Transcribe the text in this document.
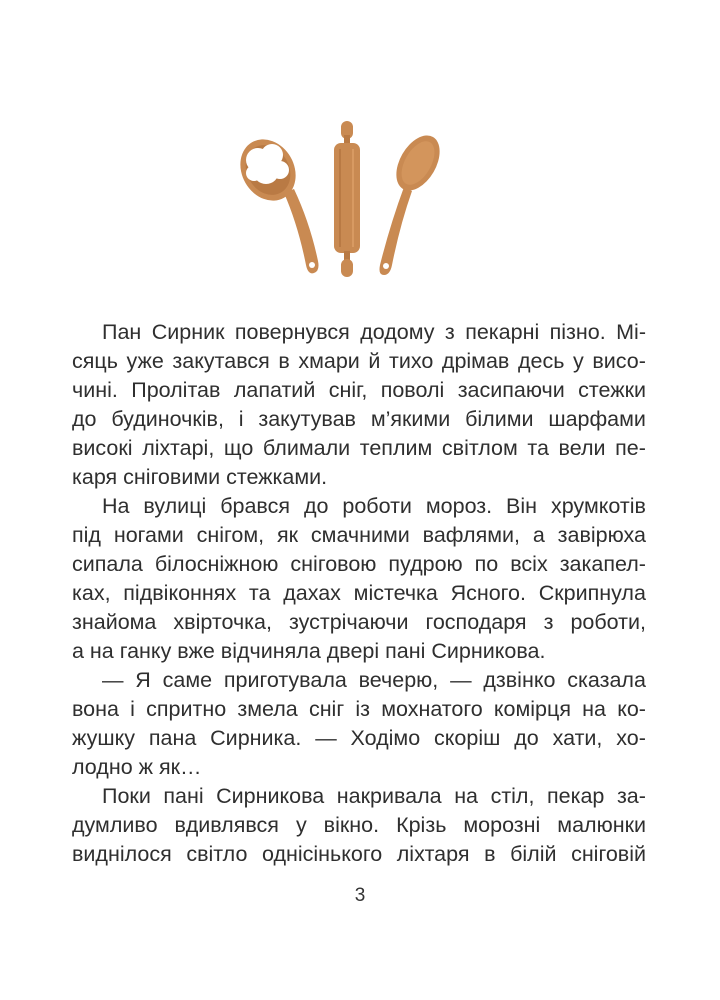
Пан Сирник повернувся додому з пекарні пізно. Мі-
сяць уже закутався в хмари й тихо дрімав десь у висо-
чині. Пролітав лапатий сніг, поволі засипаючи стежки
до будиночків, і закутував м’якими білими шарфами
високі ліхтарі, що блимали теплим світлом та вели пе-
каря сніговими стежками.
На вулиці брався до роботи мороз. Він хрумкотів
під ногами снігом, як смачними вафлями, а завірюха
сипала білосніжною сніговою пудрою по всіх закапел-
ках, підвіконнях та дахах містечка Ясного. Скрипнула
знайома хвірточка, зустрічаючи господаря з роботи,
а на ганку вже відчиняла двері пані Сирникова.
— Я саме приготувала вечерю, — дзвінко сказала
вона і спритно змела сніг із мохнатого комірця на ко-
жушку пана Сирника. — Ходімо скоріш до хати, хо-
лодно ж як…
Поки пані Сирникова накривала на стіл, пекар за-
думливо вдивлявся у вікно. Крізь морозні малюнки
виднілося світло однісінького ліхтаря в білій сніговій
3
